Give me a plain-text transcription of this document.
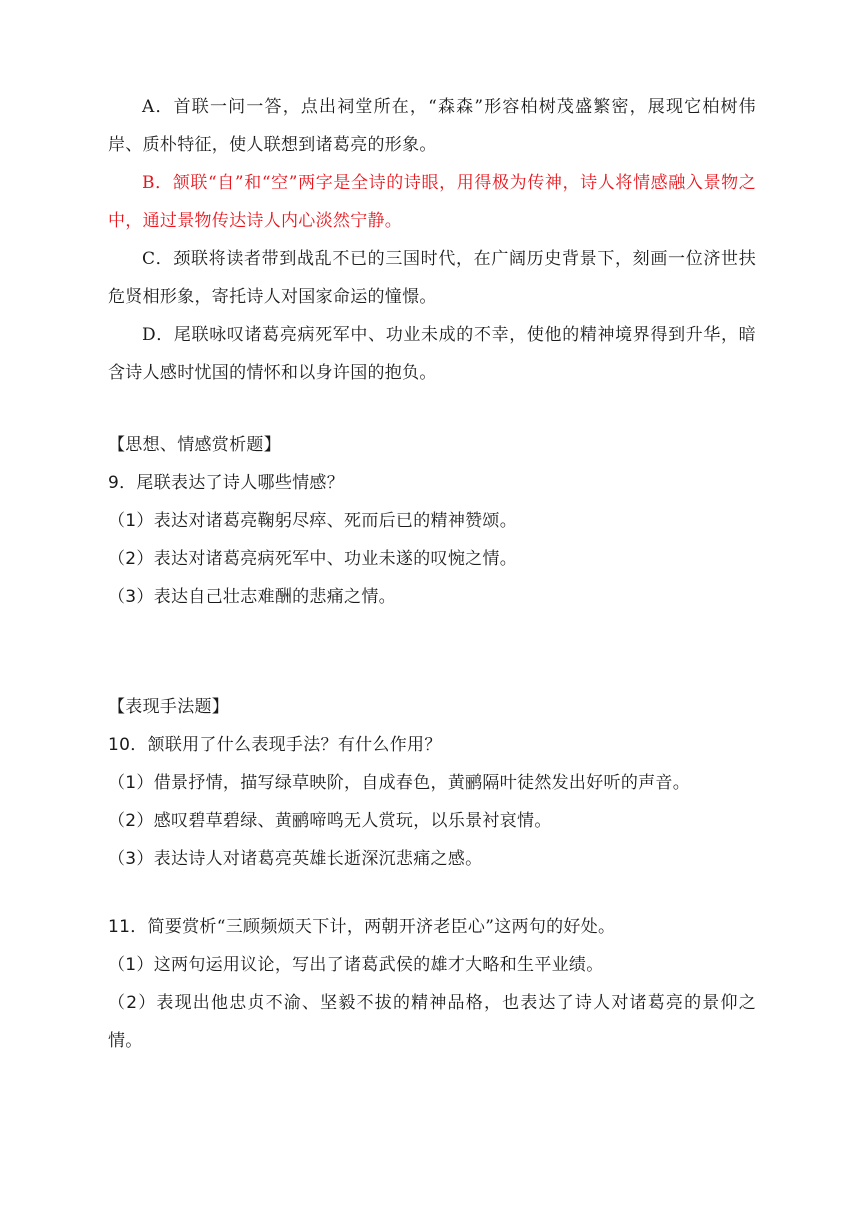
A．首联一问一答，点出祠堂所在，“森森”形容柏树茂盛繁密，展现它柏树伟岸、质朴特征，使人联想到诸葛亮的形象。

B．颔联“自”和“空”两字是全诗的诗眼，用得极为传神，诗人将情感融入景物之中，通过景物传达诗人内心淡然宁静。

C．颈联将读者带到战乱不已的三国时代，在广阔历史背景下，刻画一位济世扶危贤相形象，寄托诗人对国家命运的憧憬。

D．尾联咏叹诸葛亮病死军中、功业未成的不幸，使他的精神境界得到升华，暗含诗人感时忧国的情怀和以身许国的抱负。

【思想、情感赏析题】

9．尾联表达了诗人哪些情感？

（1）表达对诸葛亮鞠躬尽瘁、死而后已的精神赞颂。

（2）表达对诸葛亮病死军中、功业未遂的叹惋之情。

（3）表达自己壮志难酬的悲痛之情。

【表现手法题】

10．颔联用了什么表现手法？有什么作用？

（1）借景抒情，描写绿草映阶，自成春色，黄鹂隔叶徒然发出好听的声音。

（2）感叹碧草碧绿、黄鹂啼鸣无人赏玩，以乐景衬哀情。

（3）表达诗人对诸葛亮英雄长逝深沉悲痛之感。

11．简要赏析“三顾频烦天下计，两朝开济老臣心”这两句的好处。

（1）这两句运用议论，写出了诸葛武侯的雄才大略和生平业绩。

（2）表现出他忠贞不渝、坚毅不拔的精神品格，也表达了诗人对诸葛亮的景仰之情。
